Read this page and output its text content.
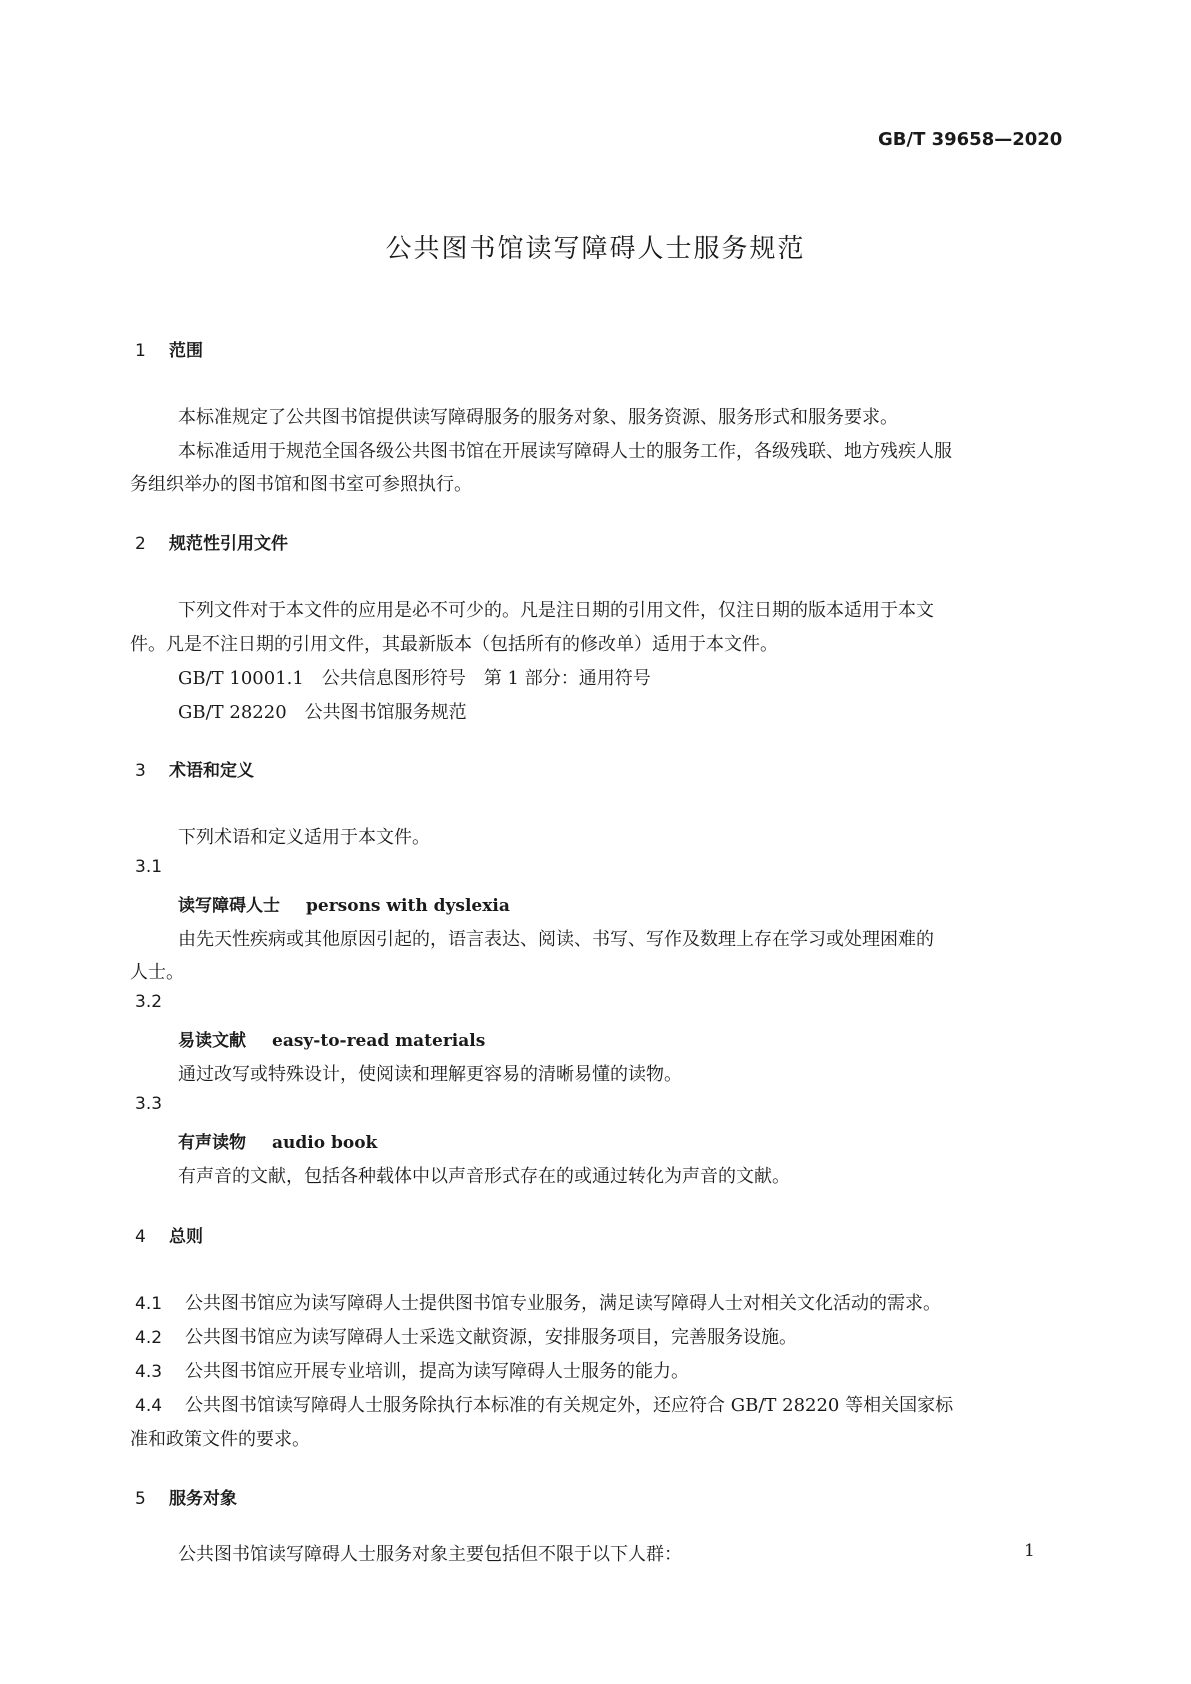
GB/T 39658—2020
公共图书馆读写障碍人士服务规范
1 范围
本标准规定了公共图书馆提供读写障碍服务的服务对象、服务资源、服务形式和服务要求。
本标准适用于规范全国各级公共图书馆在开展读写障碍人士的服务工作，各级残联、地方残疾人服
务组织举办的图书馆和图书室可参照执行。
2 规范性引用文件
下列文件对于本文件的应用是必不可少的。凡是注日期的引用文件，仅注日期的版本适用于本文
件。凡是不注日期的引用文件，其最新版本（包括所有的修改单）适用于本文件。
GB/T 10001.1　公共信息图形符号　第 1 部分：通用符号
GB/T 28220　公共图书馆服务规范
3 术语和定义
下列术语和定义适用于本文件。
3.1
读写障碍人士 persons with dyslexia
由先天性疾病或其他原因引起的，语言表达、阅读、书写、写作及数理上存在学习或处理困难的
人士。
3.2
易读文献 easy-to-read materials
通过改写或特殊设计，使阅读和理解更容易的清晰易懂的读物。
3.3
有声读物 audio book
有声音的文献，包括各种载体中以声音形式存在的或通过转化为声音的文献。
4 总则
4.1 公共图书馆应为读写障碍人士提供图书馆专业服务，满足读写障碍人士对相关文化活动的需求。
4.2 公共图书馆应为读写障碍人士采选文献资源，安排服务项目，完善服务设施。
4.3 公共图书馆应开展专业培训，提高为读写障碍人士服务的能力。
4.4 公共图书馆读写障碍人士服务除执行本标准的有关规定外，还应符合 GB/T 28220 等相关国家标
准和政策文件的要求。
5 服务对象
公共图书馆读写障碍人士服务对象主要包括但不限于以下人群：	1
